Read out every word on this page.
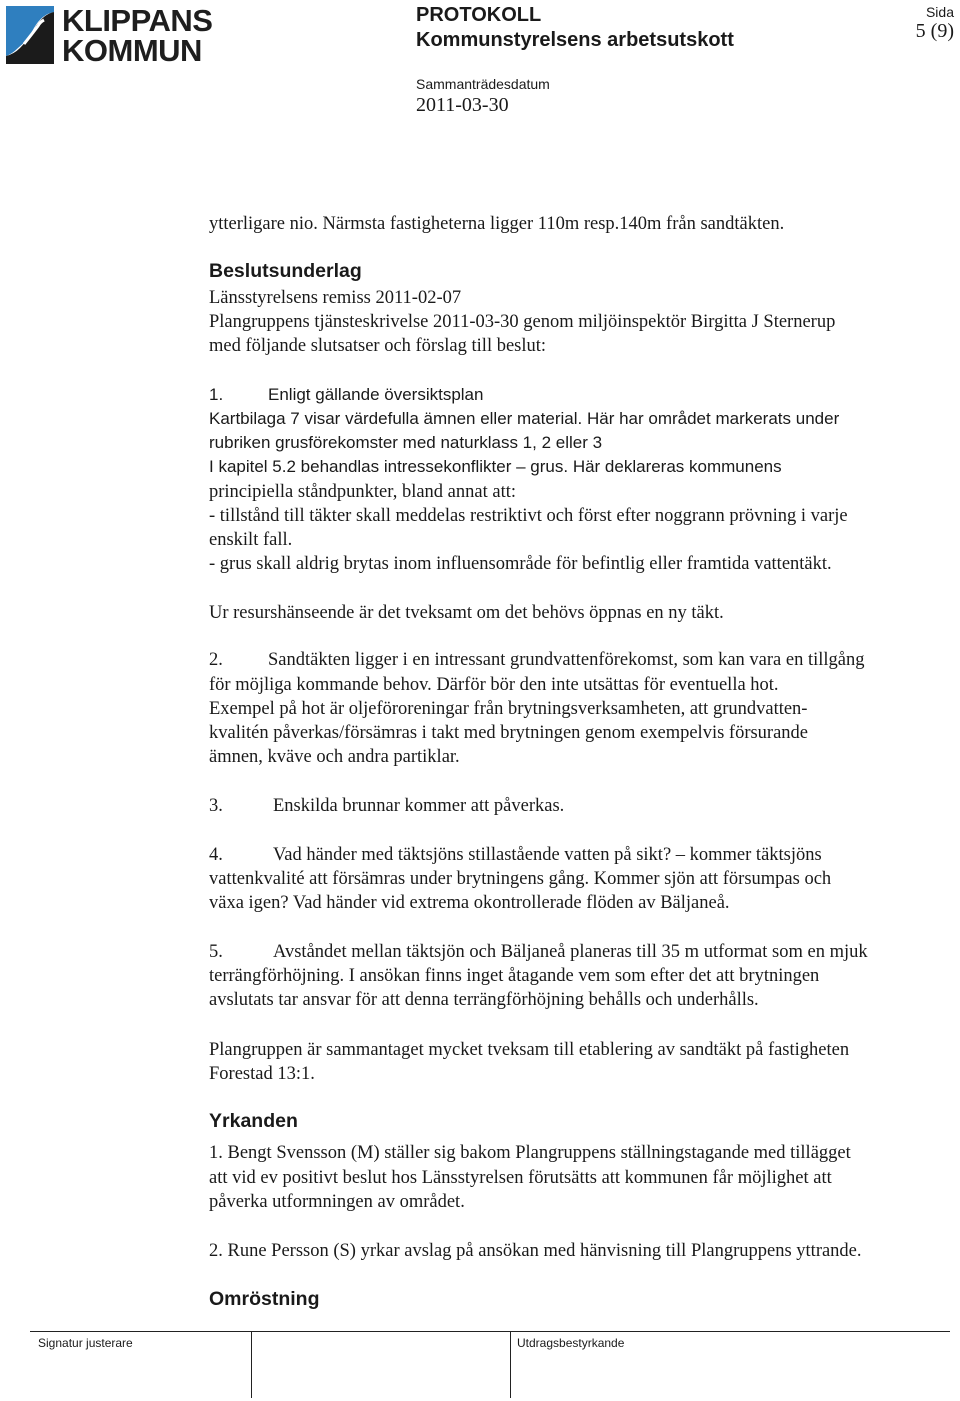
KLIPPANS
KOMMUN
PROTOKOLL
Kommunstyrelsens arbetsutskott
Sammanträdesdatum
2011-03-30
Sida
5 (9)
ytterligare nio. Närmsta fastigheterna ligger 110m resp.140m från sandtäkten.
Beslutsunderlag
Länsstyrelsens remiss 2011-02-07
Plangruppens tjänsteskrivelse 2011-03-30 genom miljöinspektör Birgitta J Sternerup
med följande slutsatser och förslag till beslut:
1.	Enligt gällande översiktsplan
Kartbilaga 7 visar värdefulla ämnen eller material. Här har området markerats under
rubriken grusförekomster med naturklass 1, 2 eller 3
I kapitel 5.2 behandlas intressekonflikter – grus. Här deklareras kommunens
principiella ståndpunkter, bland annat att:
- tillstånd till täkter skall meddelas restriktivt och först efter noggrann prövning i varje
enskilt fall.
- grus skall aldrig brytas inom influensområde för befintlig eller framtida vattentäkt.
Ur resurshänseende är det tveksamt om det behövs öppnas en ny täkt.
2. Sandtäkten ligger i en intressant grundvattenförekomst, som kan vara en tillgång
för möjliga kommande behov. Därför bör den inte utsättas för eventuella hot.
Exempel på hot är oljeföroreningar från brytningsverksamheten, att grundvatten-
kvalitén påverkas/försämras i takt med brytningen genom exempelvis försurande
ämnen, kväve och andra partiklar.
3.	Enskilda brunnar kommer att påverkas.
4.	Vad händer med täktsjöns stillastående vatten på sikt? – kommer täktsjöns
vattenkvalité att försämras under brytningens gång. Kommer sjön att försumpas och
växa igen? Vad händer vid extrema okontrollerade flöden av Bäljaneå.
5.	Avståndet mellan täktsjön och Bäljaneå planeras till 35 m utformat som en mjuk
terrängförhöjning. I ansökan finns inget åtagande vem som efter det att brytningen
avslutats tar ansvar för att denna terrängförhöjning behålls och underhålls.
Plangruppen är sammantaget mycket tveksam till etablering av sandtäkt på fastigheten
Forestad 13:1.
Yrkanden
1. Bengt Svensson (M) ställer sig bakom Plangruppens ställningstagande med tillägget
att vid ev positivt beslut hos Länsstyrelsen förutsätts att kommunen får möjlighet att
påverka utformningen av området.
2. Rune Persson (S) yrkar avslag på ansökan med hänvisning till Plangruppens yttrande.
Omröstning
Signatur justerare	Utdragsbestyrkande
